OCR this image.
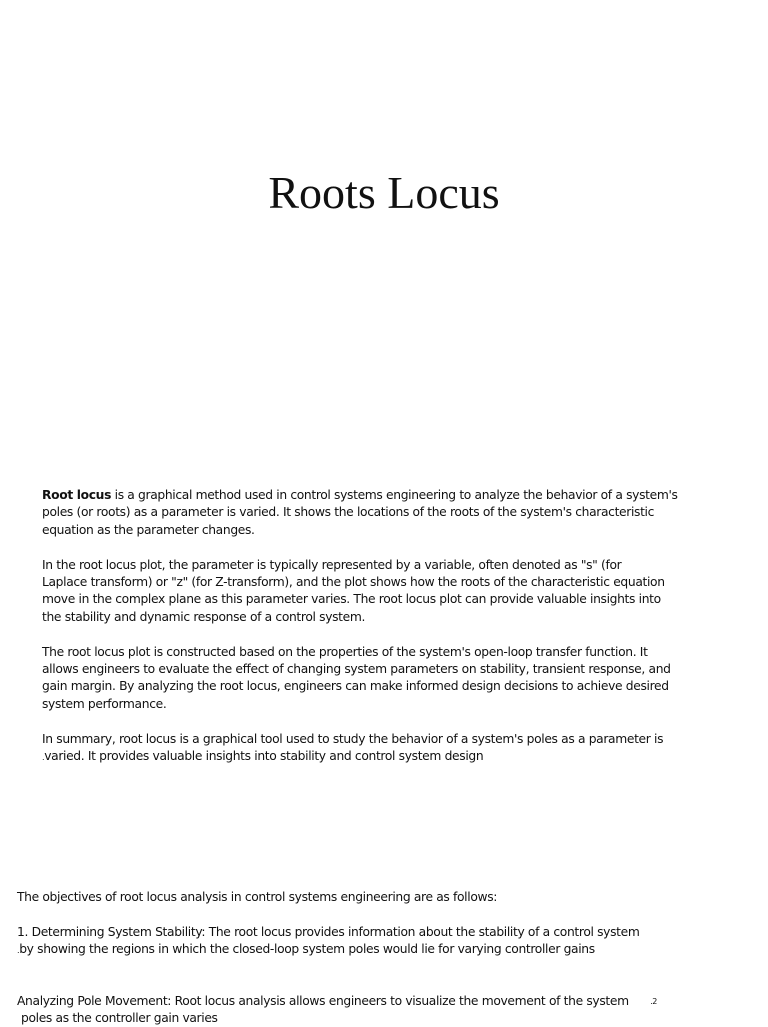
Roots Locus

Root locus is a graphical method used in control systems engineering to analyze the behavior of a system's
poles (or roots) as a parameter is varied. It shows the locations of the roots of the system's characteristic
equation as the parameter changes.

In the root locus plot, the parameter is typically represented by a variable, often denoted as "s" (for
Laplace transform) or "z" (for Z-transform), and the plot shows how the roots of the characteristic equation
move in the complex plane as this parameter varies. The root locus plot can provide valuable insights into
the stability and dynamic response of a control system.

The root locus plot is constructed based on the properties of the system's open-loop transfer function. It
allows engineers to evaluate the effect of changing system parameters on stability, transient response, and
gain margin. By analyzing the root locus, engineers can make informed design decisions to achieve desired
system performance.

In summary, root locus is a graphical tool used to study the behavior of a system's poles as a parameter is
.varied. It provides valuable insights into stability and control system design

The objectives of root locus analysis in control systems engineering are as follows:
1. Determining System Stability: The root locus provides information about the stability of a control system
.by showing the regions in which the closed-loop system poles would lie for varying controller gains
Analyzing Pole Movement: Root locus analysis allows engineers to visualize the movement of the system	.2
poles as the controller gain varies
